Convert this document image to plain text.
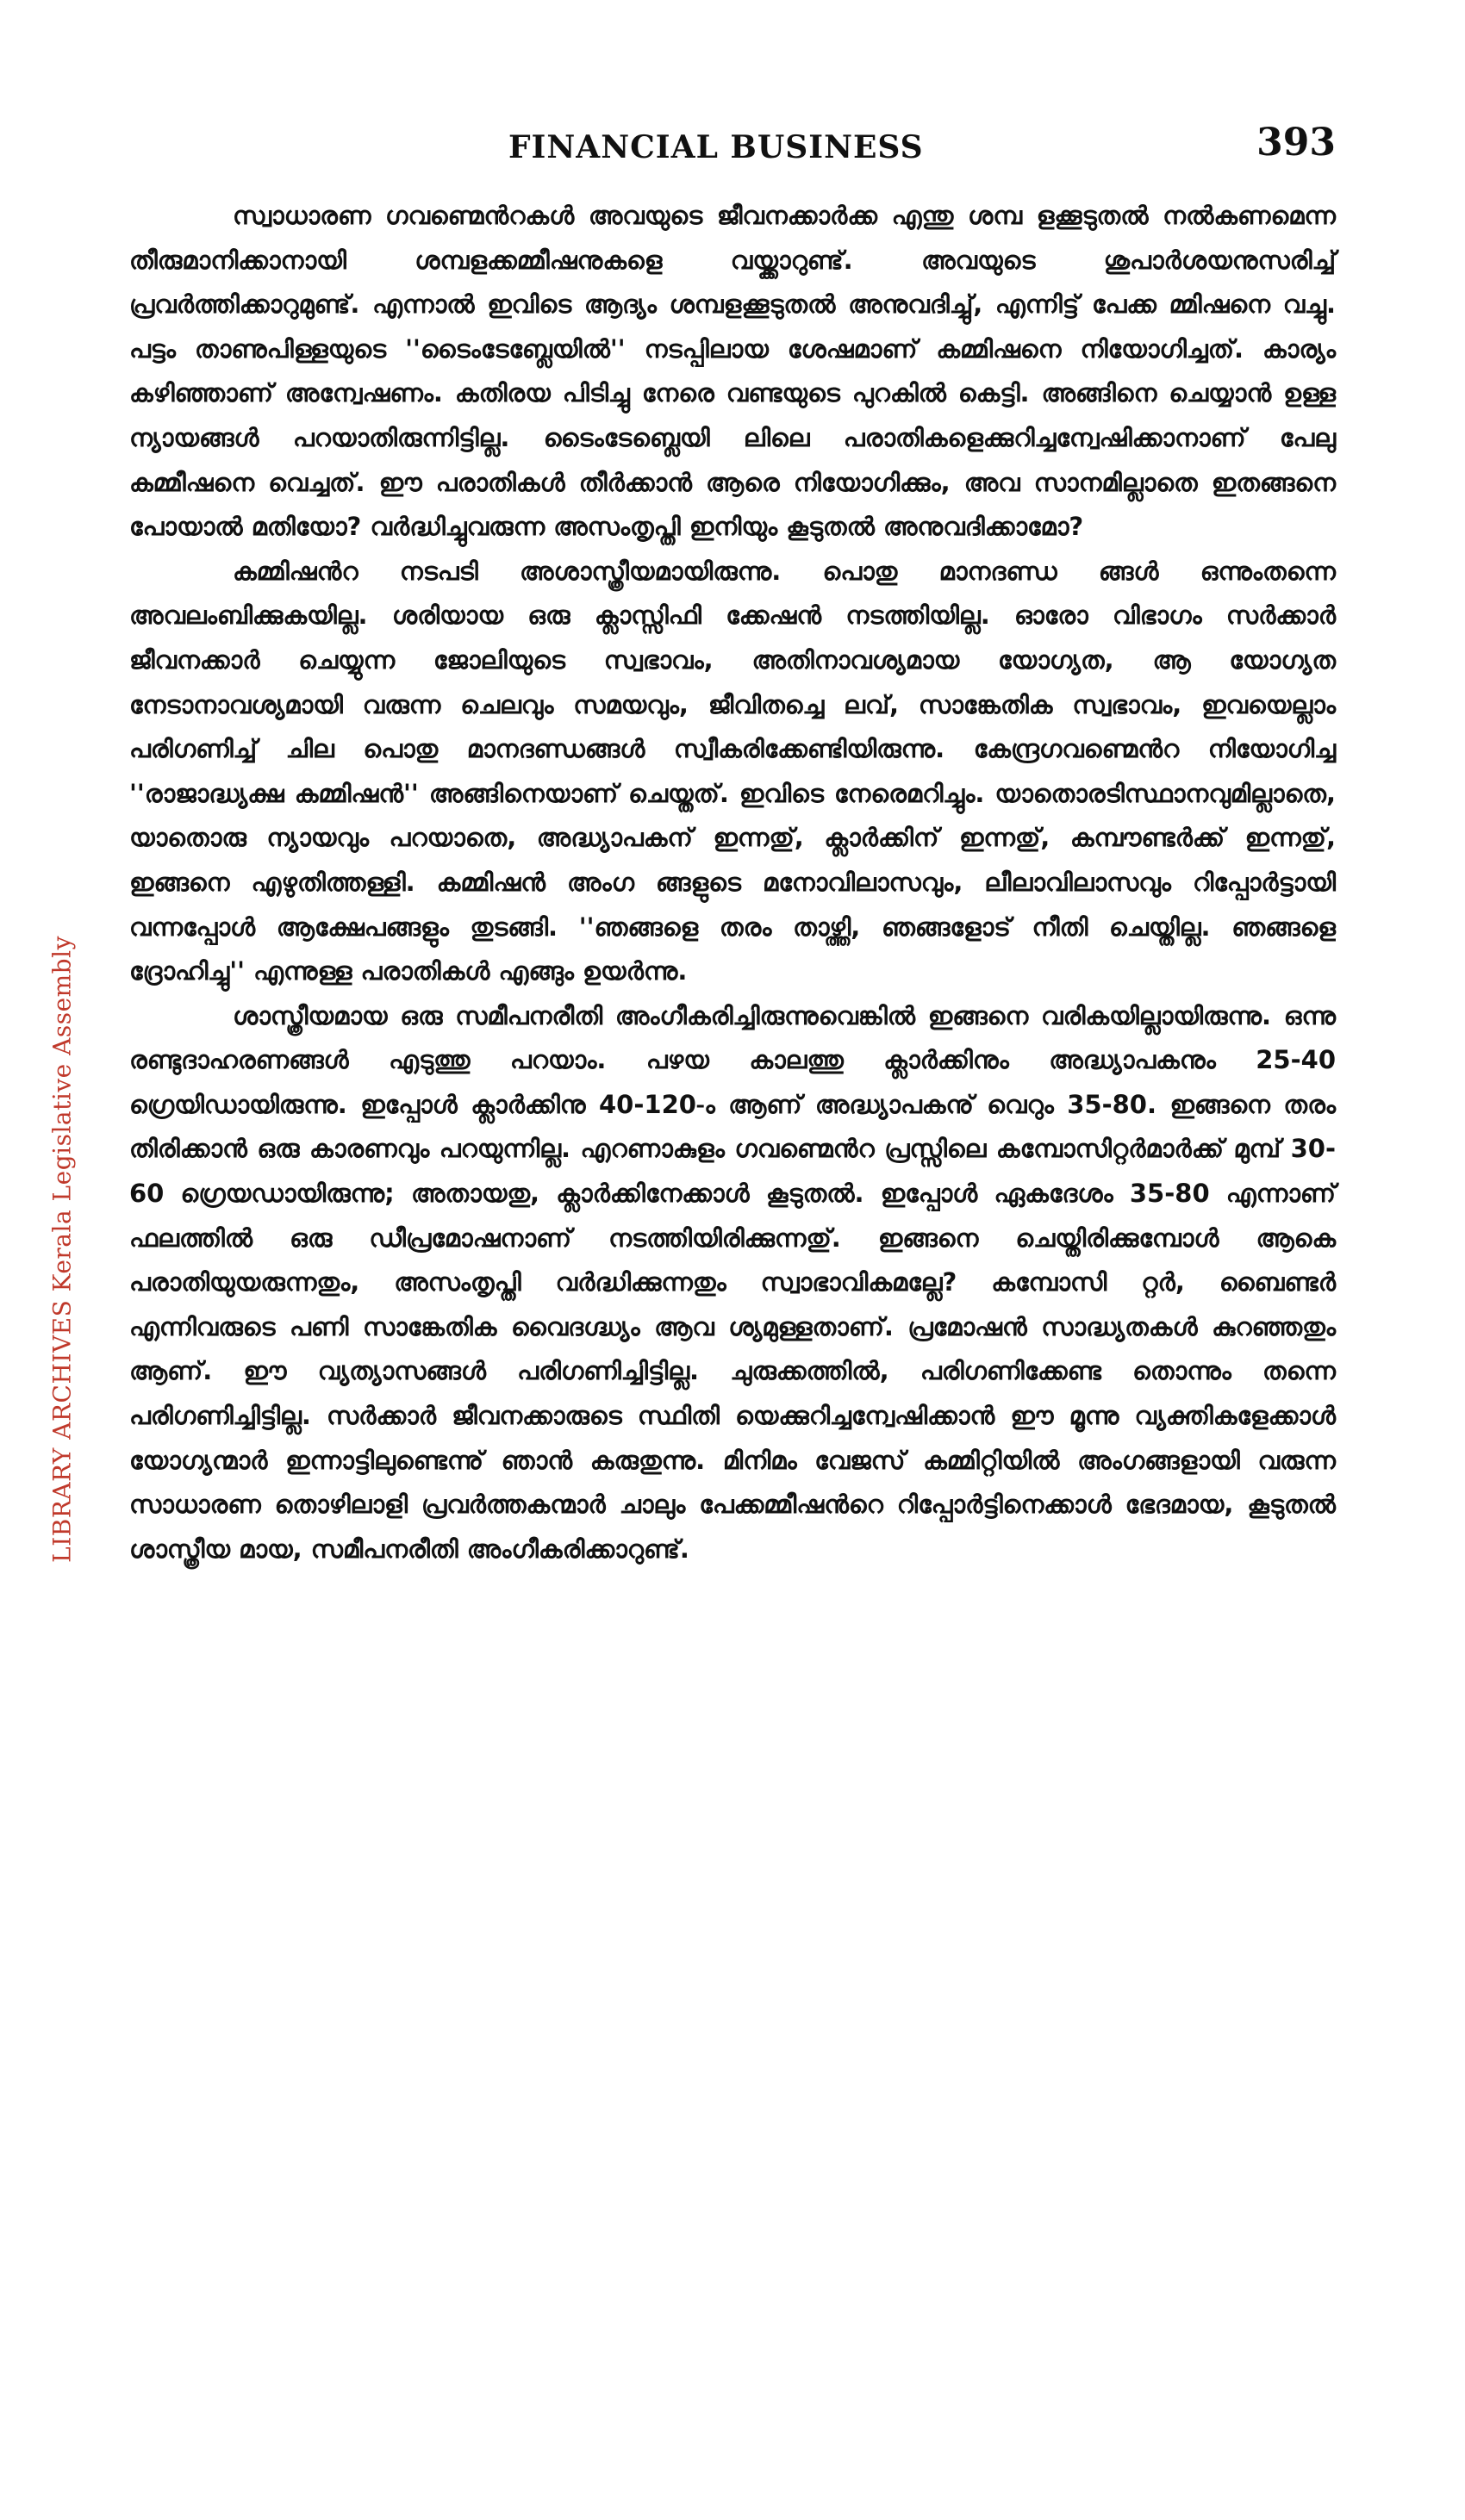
FINANCIAL BUSINESS	393
LIBRARY ARCHIVES Kerala Legislative Assembly

സ്വാധാരണ ഗവണ്മെൻറകൾ അവയുടെ ജീവനക്കാർക്ക എന്തു ശമ്പ ളക്കൂടുതൽ നൽകണമെന്ന തീരുമാനിക്കാനായി ശമ്പളക്കമ്മീഷനുകളെ വയ്ക്കാറുണ്ട്. അവയുടെ ശുപാർശയനുസരിച്ച് പ്രവർത്തിക്കാറുമുണ്ട്. എന്നാൽ ഇവിടെ ആദ്യം ശമ്പളക്കൂടുതൽ അനുവദിച്ചു്, എന്നിട്ട് പേക്ക മ്മിഷനെ വച്ചു. പട്ടം താണുപിള്ളയുടെ ''ടൈംടേബ്ലേയിൽ'' നടപ്പിലായ ശേഷമാണ് കമ്മിഷനെ നിയോഗിച്ചത്. കാര്യം കഴിഞ്ഞാണ് അന്വേഷണം. കതിരയ പിടിച്ചു നേരെ വണ്ടയുടെ പുറകിൽ കെട്ടി. അങ്ങിനെ ചെയ്യാൻ ഉള്ള ന്യായങ്ങൾ പറയാതിരുന്നിട്ടില്ല. ടൈംടേബ്ലെയി ലിലെ പരാതികളെക്കുറിച്ചന്വേഷിക്കാനാണ് പേലു കമ്മീഷനെ വെച്ചത്. ഈ പരാതികൾ തീർക്കാൻ ആരെ നിയോഗിക്കും, അവ സാനമില്ലാതെ ഇതങ്ങനെ പോയാൽ മതിയോ? വർദ്ധിച്ചുവരുന്ന അസംതൃപ്തി ഇനിയും കൂടുതൽ അനുവദിക്കാമോ?

കമ്മിഷൻറ നടപടി അശാസ്ത്രീയമായിരുന്നു. പൊതു മാനദണ്ഡ ങ്ങൾ ഒന്നുംതന്നെ അവലംബിക്കുകയില്ല. ശരിയായ ഒരു ക്ലാസ്സിഫി ക്കേഷൻ നടത്തിയില്ല. ഓരോ വിഭാഗം സർക്കാർ ജീവനക്കാർ ചെയ്യുന്ന ജോലിയുടെ സ്വഭാവം, അതിനാവശ്യമായ യോഗ്യത, ആ യോഗ്യത നേടാനാവശ്യമായി വരുന്ന ചെലവും സമയവും, ജീവിതച്ചെ ലവ്, സാങ്കേതിക സ്വഭാവം, ഇവയെല്ലാം പരിഗണിച്ച് ചില പൊതു മാനദണ്ഡങ്ങൾ സ്വീകരിക്കേണ്ടിയിരുന്നു. കേന്ദ്രഗവണ്മെൻറ നിയോഗിച്ച ''രാജാദ്ധ്യക്ഷ കമ്മിഷൻ'' അങ്ങിനെയാണ് ചെയ്തത്. ഇവിടെ നേരെമറിച്ചും. യാതൊരടിസ്ഥാനവുമില്ലാതെ, യാതൊരു ന്യായവും പറയാതെ, അദ്ധ്യാപകന് ഇന്നതു്, ക്ലാർക്കിന് ഇന്നതു്, കമ്പൗണ്ടർക്ക് ഇന്നതു്, ഇങ്ങനെ എഴുതിത്തള്ളി. കമ്മിഷൻ അംഗ ങ്ങളുടെ മനോവിലാസവും, ലീലാവിലാസവും റിപ്പോർട്ടായി വന്നപ്പോൾ ആക്ഷേപങ്ങളും തുടങ്ങി. ''ഞങ്ങളെ തരം താഴ്ത്തി, ഞങ്ങളോട് നീതി ചെയ്തില്ല. ഞങ്ങളെ ദ്രോഹിച്ചു'' എന്നുള്ള പരാതികൾ എങ്ങും ഉയർന്നു.

ശാസ്ത്രീയമായ ഒരു സമീപനരീതി അംഗീകരിച്ചിരുന്നുവെങ്കിൽ ഇങ്ങനെ വരികയില്ലായിരുന്നു. ഒന്നു രണ്ടുദാഹരണങ്ങൾ എടുത്തു പറയാം. പഴയ കാലത്തു ക്ലാർക്കിനും അദ്ധ്യാപകനും 25-40 ഗ്രെയിഡായിരുന്നു. ഇപ്പോൾ ക്ലാർക്കിനു 40-120-ം ആണ് അദ്ധ്യാപകനു് വെറും 35-80. ഇങ്ങനെ തരം തിരിക്കാൻ ഒരു കാരണവും പറയുന്നില്ല. എറണാകുളം ഗവണ്മെൻറ പ്രസ്സിലെ കമ്പോസിറ്റർമാർക്ക് മുമ്പ് 30-60 ഗ്രെയഡായിരുന്നു; അതായതു, ക്ലാർക്കിനേക്കാൾ കൂടുതൽ. ഇപ്പോൾ ഏകദേശം 35-80 എന്നാണ് ഫലത്തിൽ ഒരു ഡീപ്രമോഷനാണ് നടത്തിയിരിക്കുന്നതു്. ഇങ്ങനെ ചെയ്തിരിക്കുമ്പോൾ ആകെ പരാതിയുയരുന്നതും, അസംതൃപ്തി വർദ്ധിക്കുന്നതും സ്വാഭാവികമല്ലേ? കമ്പോസി റ്റർ, ബൈണ്ടർ എന്നിവരുടെ പണി സാങ്കേതിക വൈദഗ്ദ്ധ്യം ആവ ശ്യമുള്ളതാണ്. പ്രമോഷൻ സാദ്ധ്യതകൾ കുറഞ്ഞതും ആണ്. ഈ വ്യത്യാസങ്ങൾ പരിഗണിച്ചിട്ടില്ല. ചുരുക്കത്തിൽ, പരിഗണിക്കേണ്ട തൊന്നും തന്നെ പരിഗണിച്ചിട്ടില്ല. സർക്കാർ ജീവനക്കാരുടെ സ്ഥിതി യെക്കുറിച്ചന്വേഷിക്കാൻ ഈ മൂന്നു വ്യക്തികളേക്കാൾ യോഗ്യന്മാർ ഇന്നാട്ടിലുണ്ടെന്നു് ഞാൻ കരുതുന്നു. മിനിമം വേജസ് കമ്മിറ്റിയിൽ അംഗങ്ങളായി വരുന്ന സാധാരണ തൊഴിലാളി പ്രവർത്തകന്മാർ ചാലും പേക്കമ്മീഷൻറെ റിപ്പോർട്ടിനെക്കാൾ ഭേദമായ, കൂടുതൽ ശാസ്ത്രീയ മായ, സമീപനരീതി അംഗീകരിക്കാറുണ്ട്.
